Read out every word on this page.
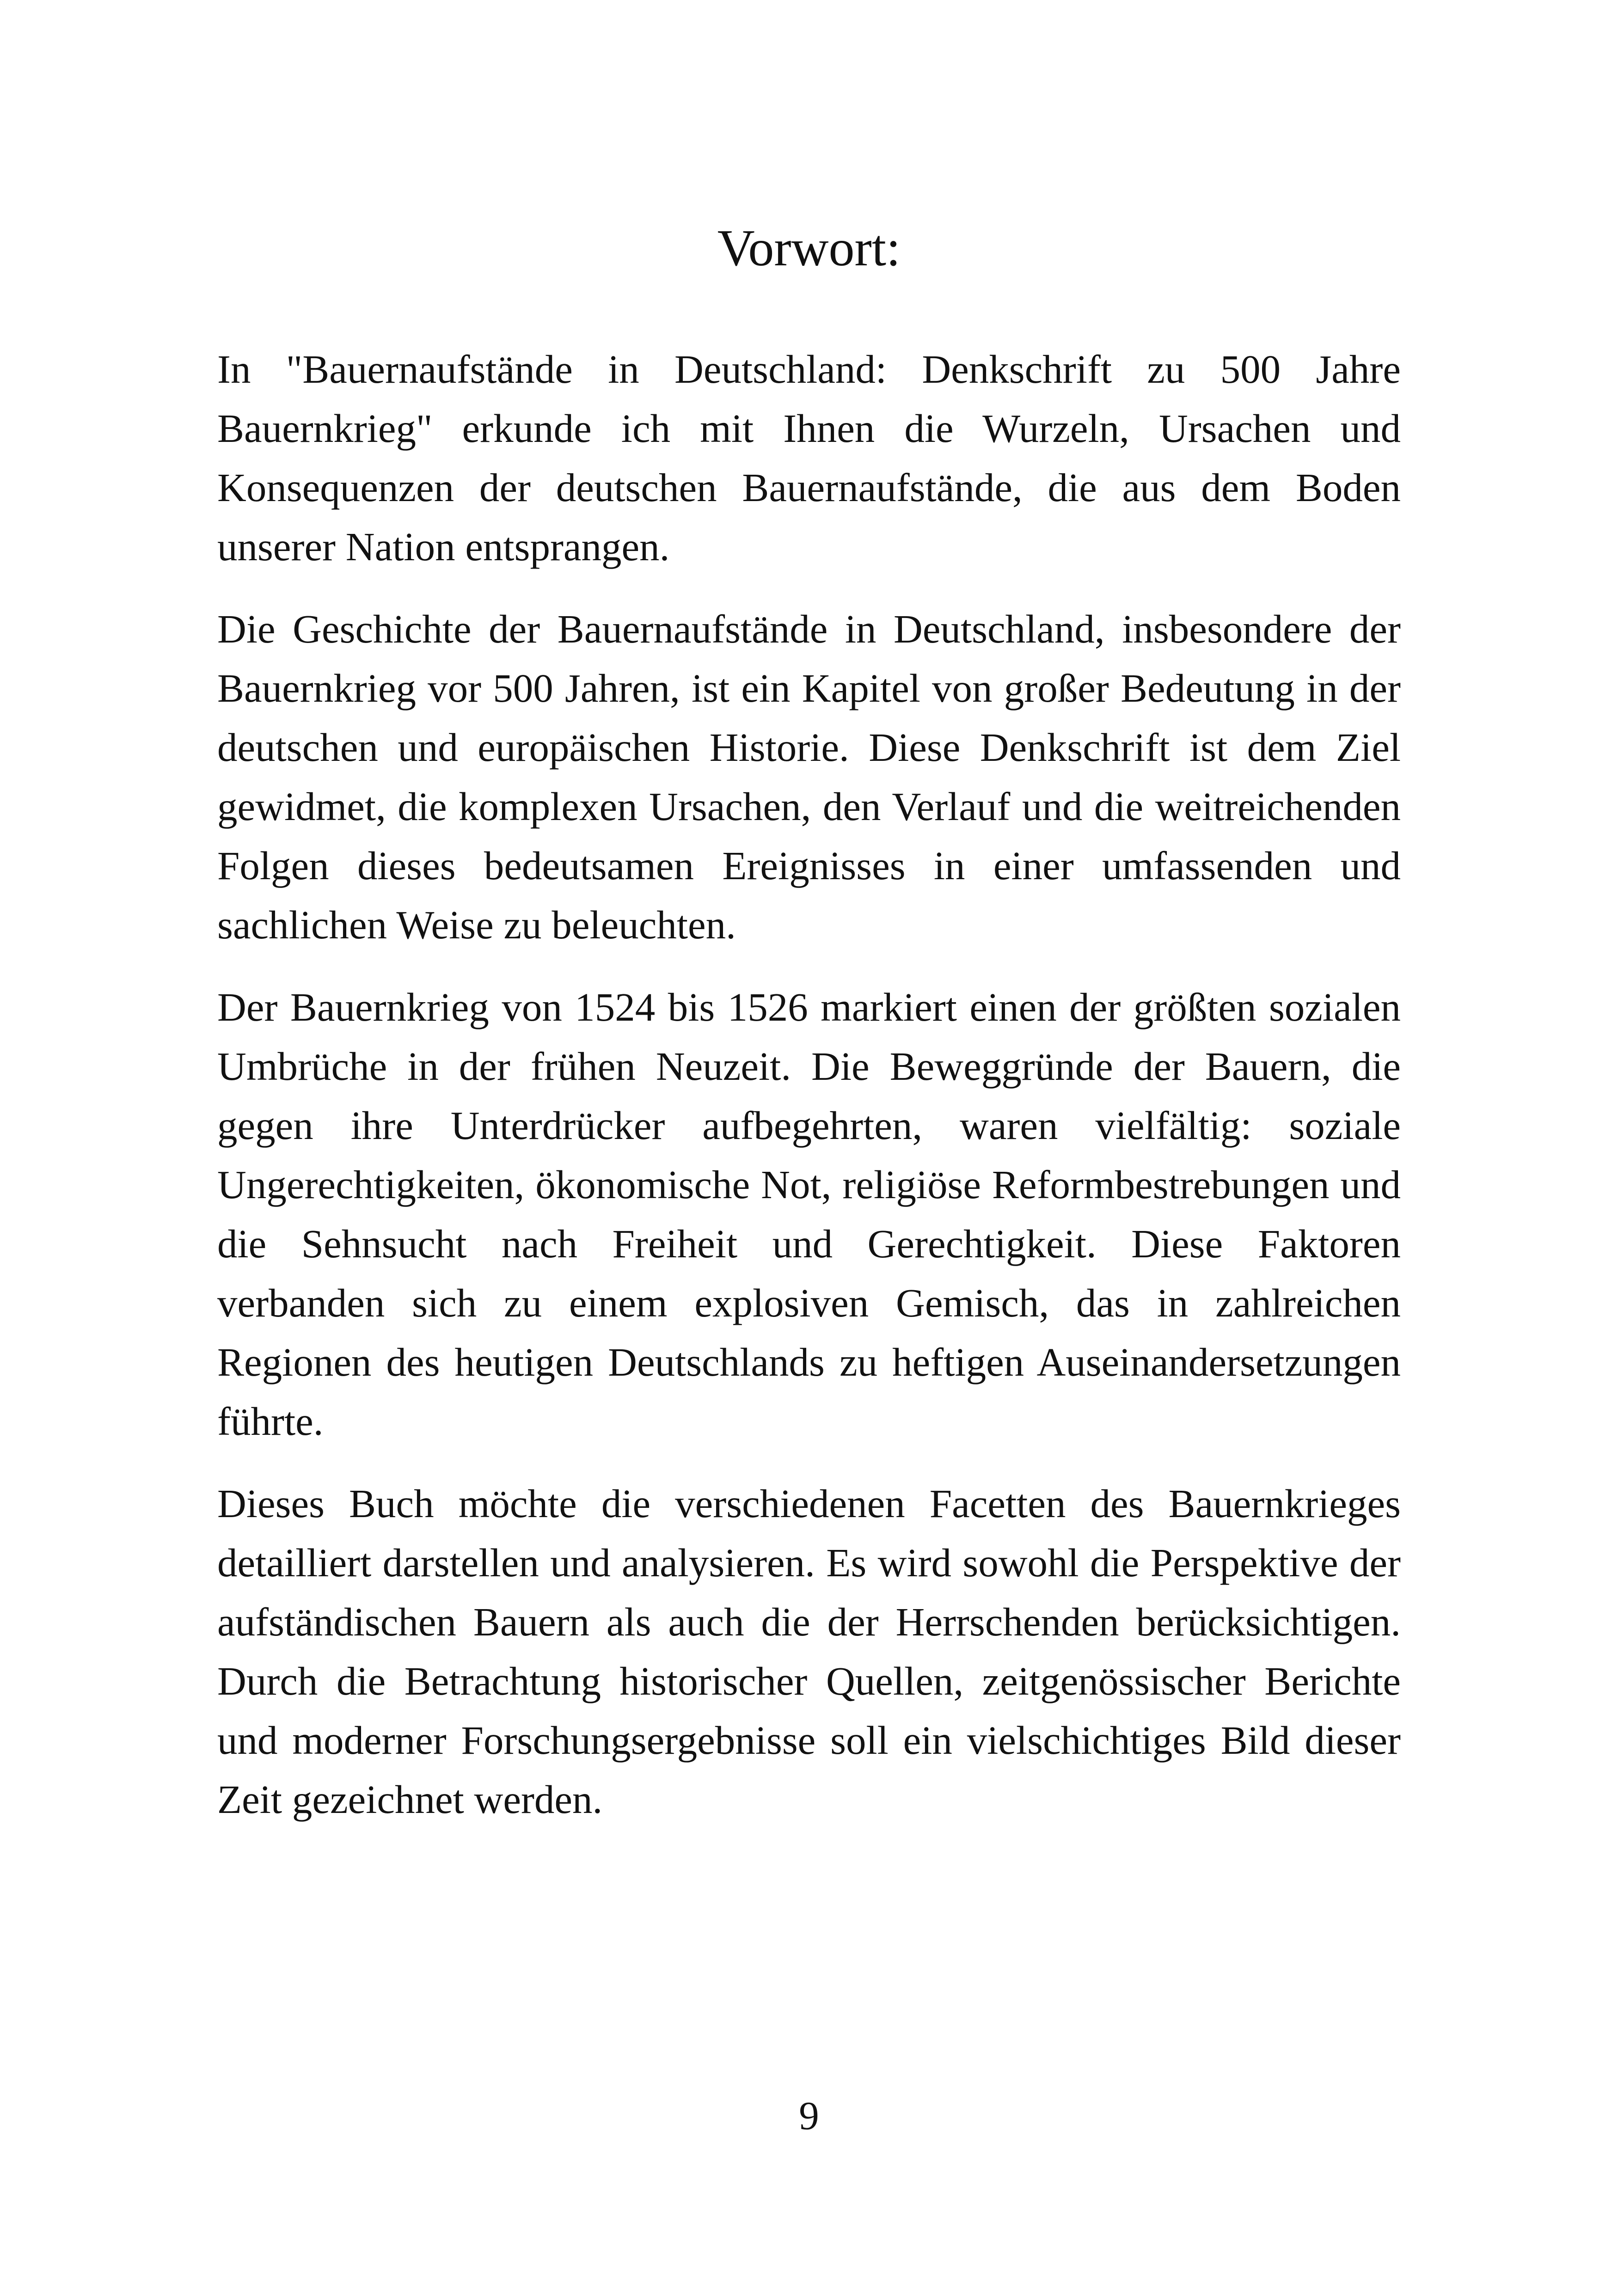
Vorwort:

In "Bauernaufstände in Deutschland: Denkschrift zu 500 Jahre Bauernkrieg" erkunde ich mit Ihnen die Wurzeln, Ursachen und Konsequenzen der deutschen Bauernaufstände, die aus dem Boden unserer Nation entsprangen.

Die Geschichte der Bauernaufstände in Deutschland, insbesondere der Bauernkrieg vor 500 Jahren, ist ein Kapitel von großer Bedeutung in der deutschen und europäischen Historie. Diese Denkschrift ist dem Ziel gewidmet, die komplexen Ursachen, den Verlauf und die weitreichenden Folgen dieses bedeutsamen Ereignisses in einer umfassenden und sachlichen Weise zu beleuchten.

Der Bauernkrieg von 1524 bis 1526 markiert einen der größten sozialen Umbrüche in der frühen Neuzeit. Die Beweggründe der Bauern, die gegen ihre Unterdrücker aufbegehrten, waren vielfältig: soziale Ungerechtigkeiten, ökonomische Not, religiöse Reformbestrebungen und die Sehnsucht nach Freiheit und Gerechtigkeit. Diese Faktoren verbanden sich zu einem explosiven Gemisch, das in zahlreichen Regionen des heutigen Deutschlands zu heftigen Auseinandersetzungen führte.

Dieses Buch möchte die verschiedenen Facetten des Bauernkrieges detailliert darstellen und analysieren. Es wird sowohl die Perspektive der aufständischen Bauern als auch die der Herrschenden berücksichtigen. Durch die Betrachtung historischer Quellen, zeitgenössischer Berichte und moderner Forschungsergebnisse soll ein vielschichtiges Bild dieser Zeit gezeichnet werden.

9
